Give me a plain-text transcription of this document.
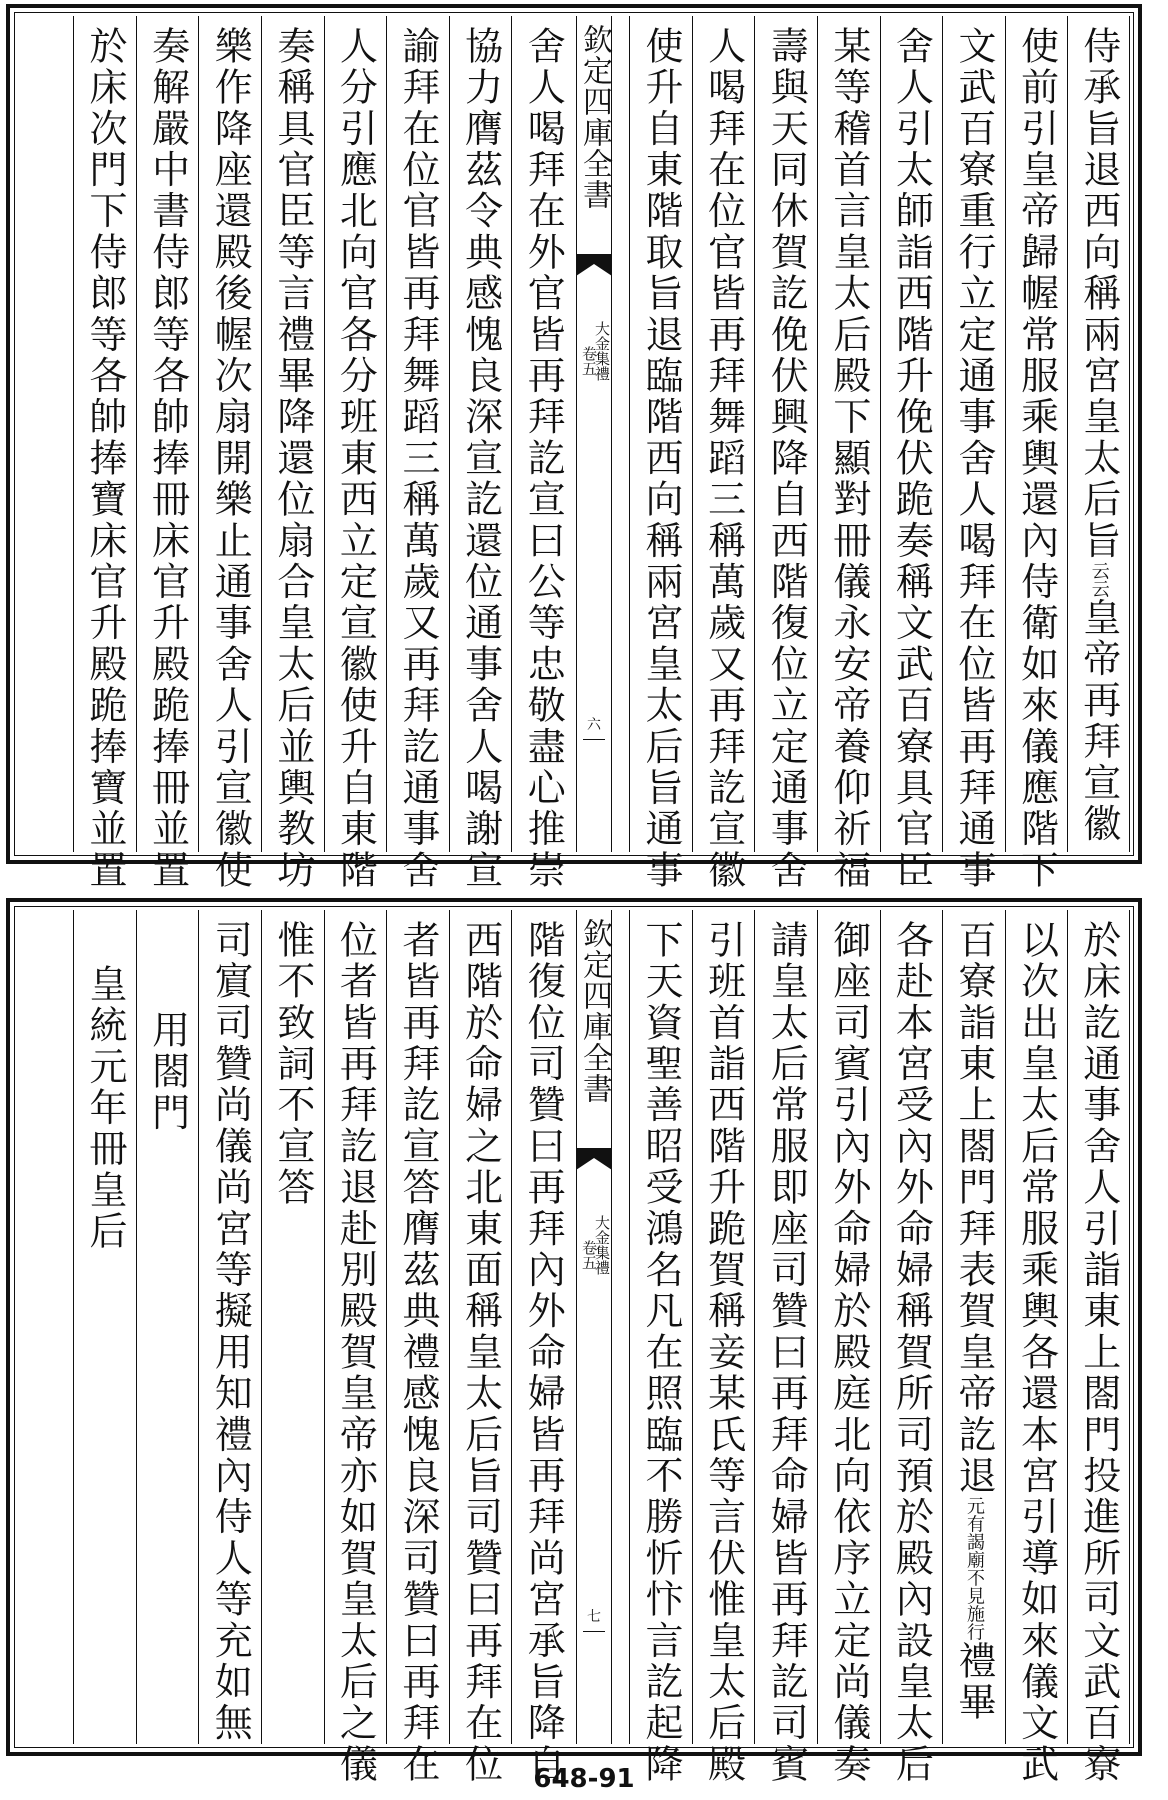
侍承旨退西向稱兩宮皇太后旨云云皇帝再拜宣徽
使前引皇帝歸幄常服乘輿還內侍衛如來儀應階下
文武百寮重行立定通事舍人喝拜在位皆再拜通事
舍人引太師詣西階升俛伏跪奏稱文武百寮具官臣
某等稽首言皇太后殿下顯對冊儀永安帝養仰祈福
壽與天同休賀訖俛伏興降自西階復位立定通事舍
人喝拜在位官皆再拜舞蹈三稱萬歲又再拜訖宣徽
使升自東階取旨退臨階西向稱兩宮皇太后旨通事
欽定四庫全書
大金集禮
卷五
六
舍人喝拜在外官皆再拜訖宣曰公等忠敬盡心推崇
協力膺茲令典感愧良深宣訖還位通事舍人喝謝宣
諭拜在位官皆再拜舞蹈三稱萬歲又再拜訖通事舍
人分引應北向官各分班東西立定宣徽使升自東階
奏稱具官臣等言禮畢降還位扇合皇太后並輿教坊
樂作降座還殿後幄次扇開樂止通事舍人引宣徽使
奏解嚴中書侍郎等各帥捧冊床官升殿跪捧冊並置
於床次門下侍郎等各帥捧寶床官升殿跪捧寶並置
於床訖通事舍人引詣東上閤門投進所司文武百寮
以次出皇太后常服乘輿各還本宮引導如來儀文武
百寮詣東上閤門拜表賀皇帝訖退元有謁廟不見施行禮畢
各赴本宮受內外命婦稱賀所司預於殿內設皇太后
御座司賓引內外命婦於殿庭北向依序立定尚儀奏
請皇太后常服即座司贊曰再拜命婦皆再拜訖司賓
引班首詣西階升跪賀稱妾某氏等言伏惟皇太后殿
下天資聖善昭受鴻名凡在照臨不勝忻忭言訖起降
欽定四庫全書
大金集禮
卷五
七
階復位司贊曰再拜內外命婦皆再拜尚宮承旨降自
西階於命婦之北東面稱皇太后旨司贊曰再拜在位
者皆再拜訖宣答膺茲典禮感愧良深司贊曰再拜在
位者皆再拜訖退赴別殿賀皇帝亦如賀皇太后之儀
惟不致詞不宣答
司賔司贊尚儀尚宮等擬用知禮內侍人等充如無
用閤門
皇統元年冊皇后
648-91
